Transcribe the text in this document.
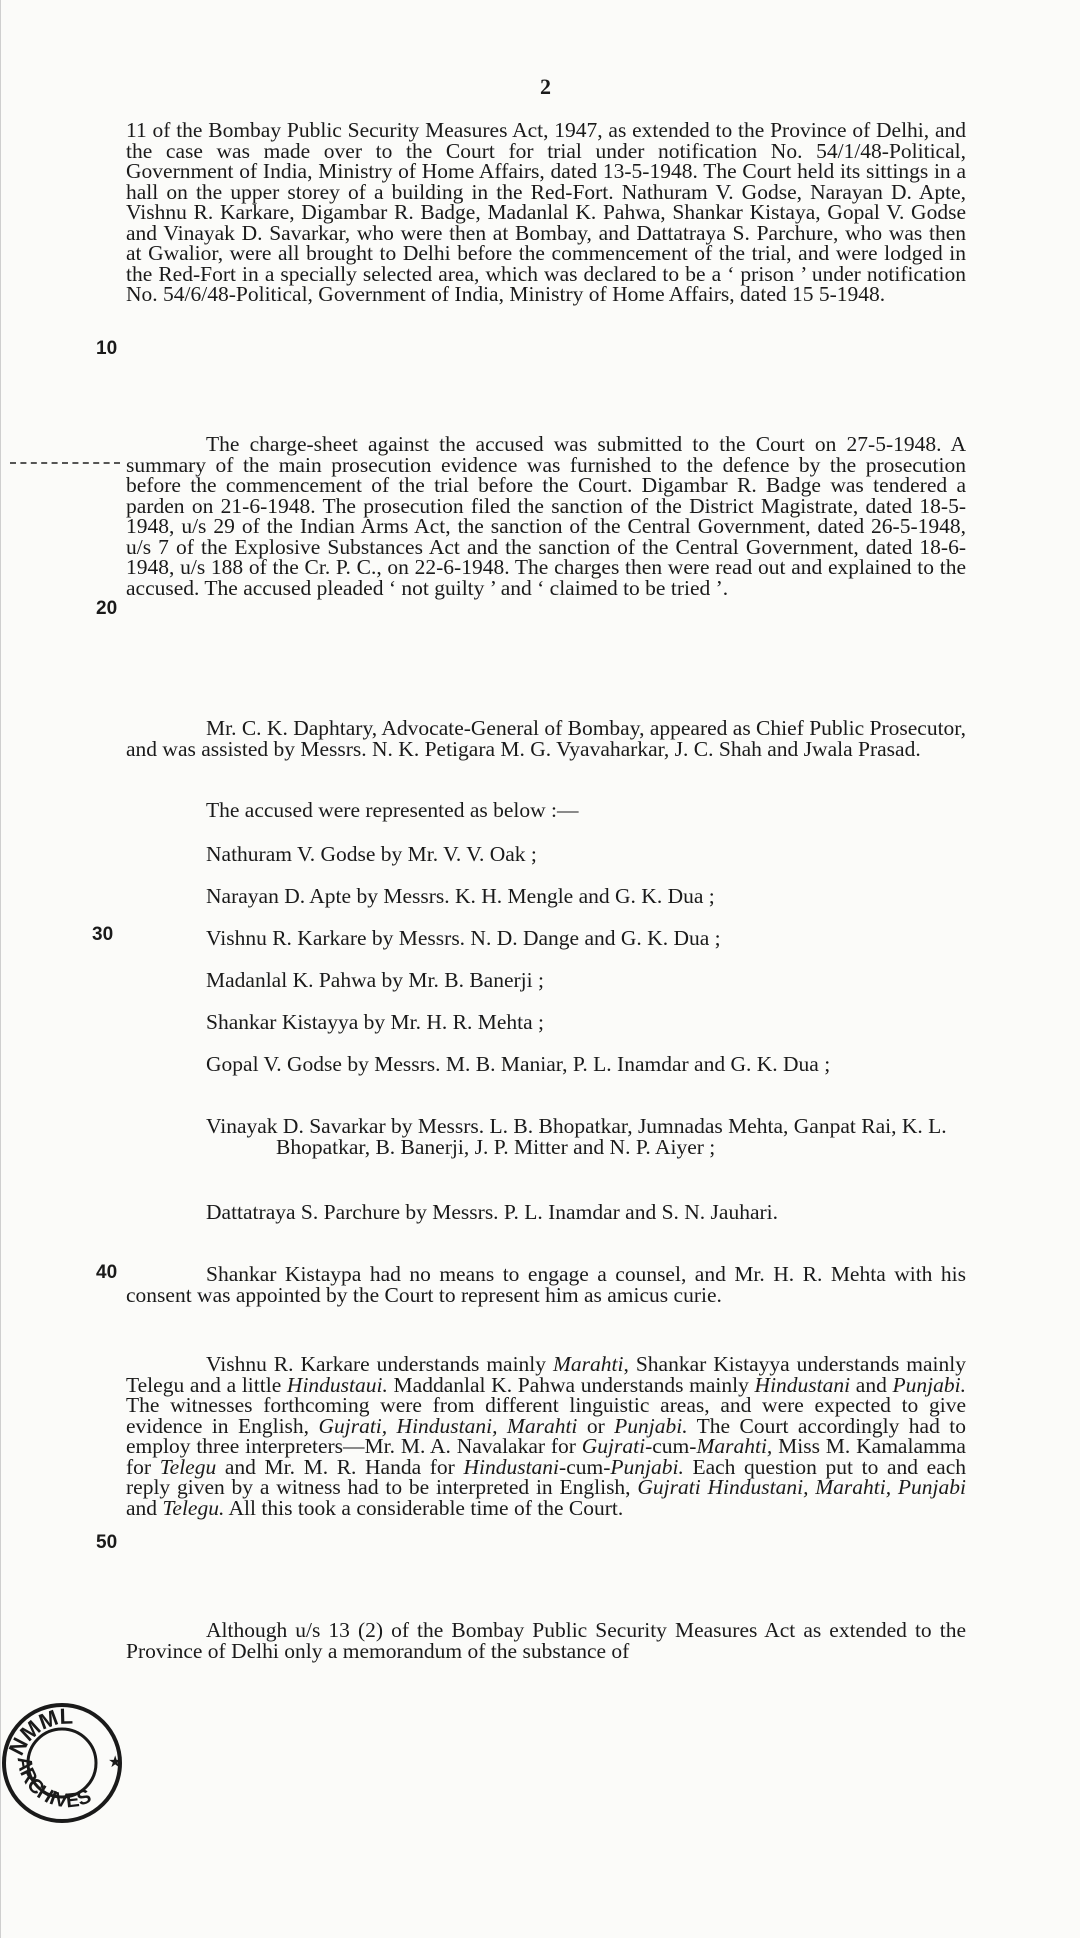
2
11 of the Bombay Public Security Measures Act, 1947, as extended to the Province of Delhi, and the case was made over to the Court for trial under notification No. 54/1/48-Political, Government of India, Ministry of Home Affairs, dated 13-5-1948. The Court held its sittings in a hall on the upper storey of a building in the Red-Fort. Nathuram V. Godse, Narayan D. Apte, Vishnu R. Karkare, Digambar R. Badge, Madanlal K. Pahwa, Shankar Kistaya, Gopal V. Godse and Vinayak D. Savarkar, who were then at Bombay, and Dattatraya S. Parchure, who was then at Gwalior, were all brought to Delhi before the commencement of the trial, and were lodged in the Red-Fort in a specially selected area, which was declared to be a ‘ prison ’ under notification No. 54/6/48-Political, Government of India, Ministry of Home Affairs, dated 15 5-1948.
10
The charge-sheet against the accused was submitted to the Court on 27-5-1948. A summary of the main prosecution evidence was furnished to the defence by the prosecution before the commencement of the trial before the Court. Digambar R. Badge was tendered a parden on 21-6-1948. The prosecution filed the sanction of the District Magistrate, dated 18-5-1948, u/s 29 of the Indian Arms Act, the sanction of the Central Government, dated 26-5-1948, u/s 7 of the Explosive Substances Act and the sanction of the Central Government, dated 18-6-1948, u/s 188 of the Cr. P. C., on 22-6-1948. The charges then were read out and explained to the accused. The accused pleaded ‘ not guilty ’ and ‘ claimed to be tried ’.
20
Mr. C. K. Daphtary, Advocate-General of Bombay, appeared as Chief Public Prosecutor, and was assisted by Messrs. N. K. Petigara M. G. Vyavaharkar, J. C. Shah and Jwala Prasad.
The accused were represented as below :—
Nathuram V. Godse by Mr. V. V. Oak ;
Narayan D. Apte by Messrs. K. H. Mengle and G. K. Dua ;
Vishnu R. Karkare by Messrs. N. D. Dange and G. K. Dua ;
30
Madanlal K. Pahwa by Mr. B. Banerji ;
Shankar Kistayya by Mr. H. R. Mehta ;
Gopal V. Godse by Messrs. M. B. Maniar, P. L. Inamdar and G. K. Dua ;
Vinayak D. Savarkar by Messrs. L. B. Bhopatkar, Jumnadas Mehta, Ganpat Rai, K. L. Bhopatkar, B. Banerji, J. P. Mitter and N. P. Aiyer ;
Dattatraya S. Parchure by Messrs. P. L. Inamdar and S. N. Jauhari.
40	Shankar Kistaypa had no means to engage a counsel, and Mr. H. R. Mehta with his consent was appointed by the Court to represent him as amicus curie.
Vishnu R. Karkare understands mainly Marahti, Shankar Kistayya understands mainly Telegu and a little Hindustaui. Maddanlal K. Pahwa understands mainly Hindustani and Punjabi. The witnesses forthcoming were from different linguistic areas, and were expected to give evidence in English, Gujrati, Hindustani, Marahti or Punjabi. The Court accordingly had to employ three interpreters—Mr. M. A. Navalakar for Gujrati-cum-Marahti, Miss M. Kamalamma for Telegu and Mr. M. R. Handa for Hindustani-cum-Punjabi. Each question put to and each reply given by a witness had to be interpreted in English, Gujrati Hindustani, Marahti, Punjabi and Telegu. All this took a considerable time of the Court.
50
Although u/s 13 (2) of the Bombay Public Security Measures Act as extended to the Province of Delhi only a memorandum of the substance of
NMML
ARCHIVES
★
